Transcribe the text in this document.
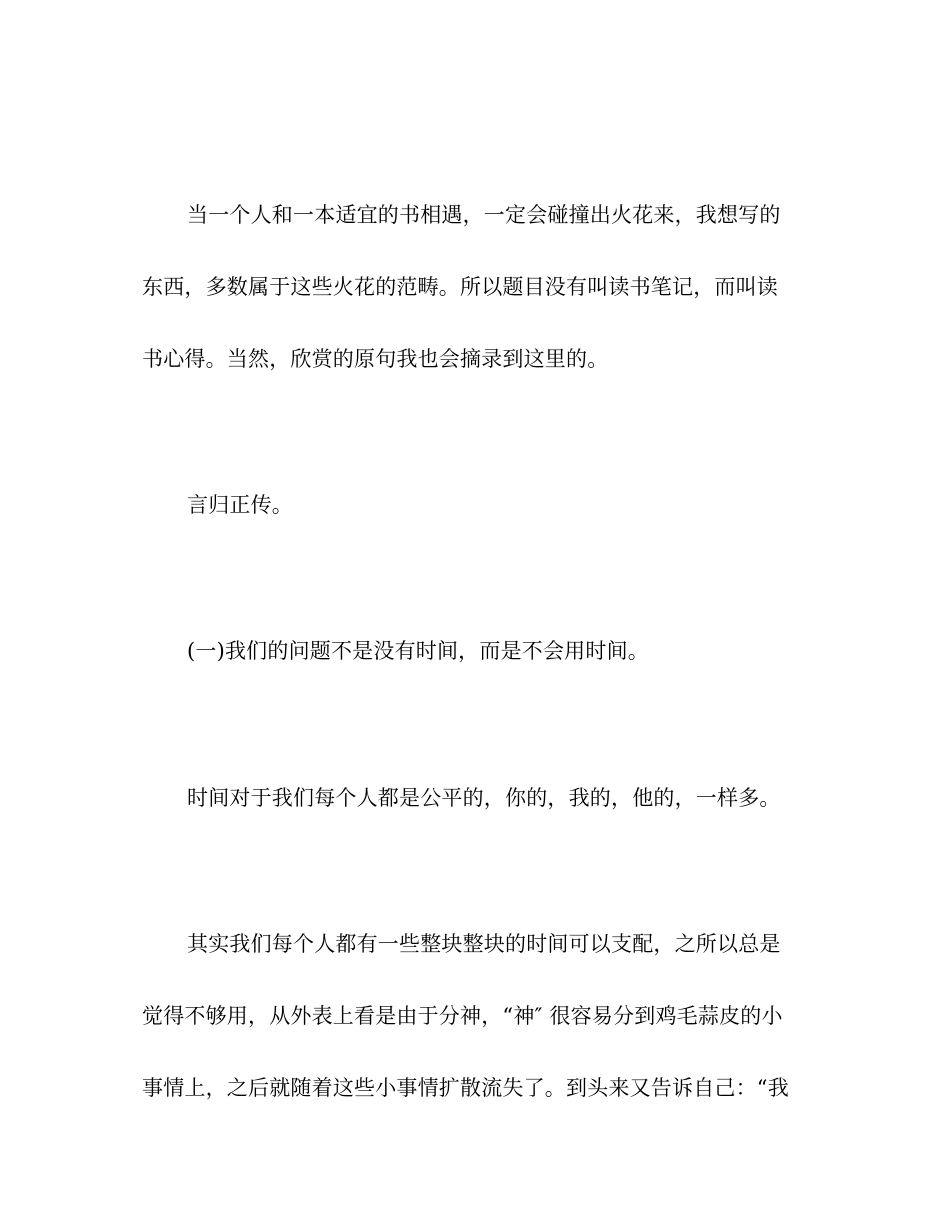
当一个人和一本适宜的书相遇，一定会碰撞出火花来，我想写的
东西，多数属于这些火花的范畴。所以题目没有叫读书笔记，而叫读
书心得。当然，欣赏的原句我也会摘录到这里的。
言归正传。
(一)我们的问题不是没有时间，而是不会用时间。
时间对于我们每个人都是公平的，你的，我的，他的，一样多。
其实我们每个人都有一些整块整块的时间可以支配，之所以总是
觉得不够用，从外表上看是由于分神，“神″ 很容易分到鸡毛蒜皮的小
事情上，之后就随着这些小事情扩散流失了。到头来又告诉自己：“我
